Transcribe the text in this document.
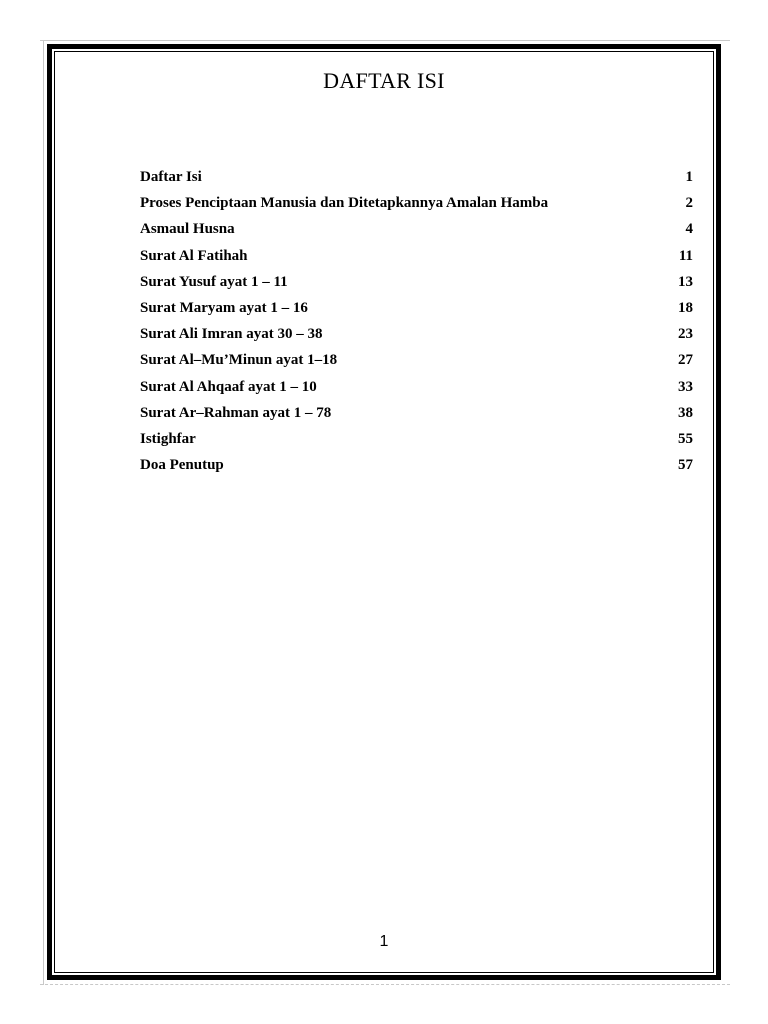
DAFTAR ISI
Daftar Isi	1
Proses Penciptaan Manusia dan Ditetapkannya Amalan Hamba	2
Asmaul Husna	4
Surat Al Fatihah	11
Surat Yusuf ayat 1 – 11	13
Surat Maryam ayat 1 – 16	18
Surat Ali Imran ayat 30 – 38	23
Surat Al–Mu’Minun ayat 1–18	27
Surat Al Ahqaaf ayat 1 – 10	33
Surat Ar–Rahman ayat 1 – 78	38
Istighfar	55
Doa Penutup	57
1
